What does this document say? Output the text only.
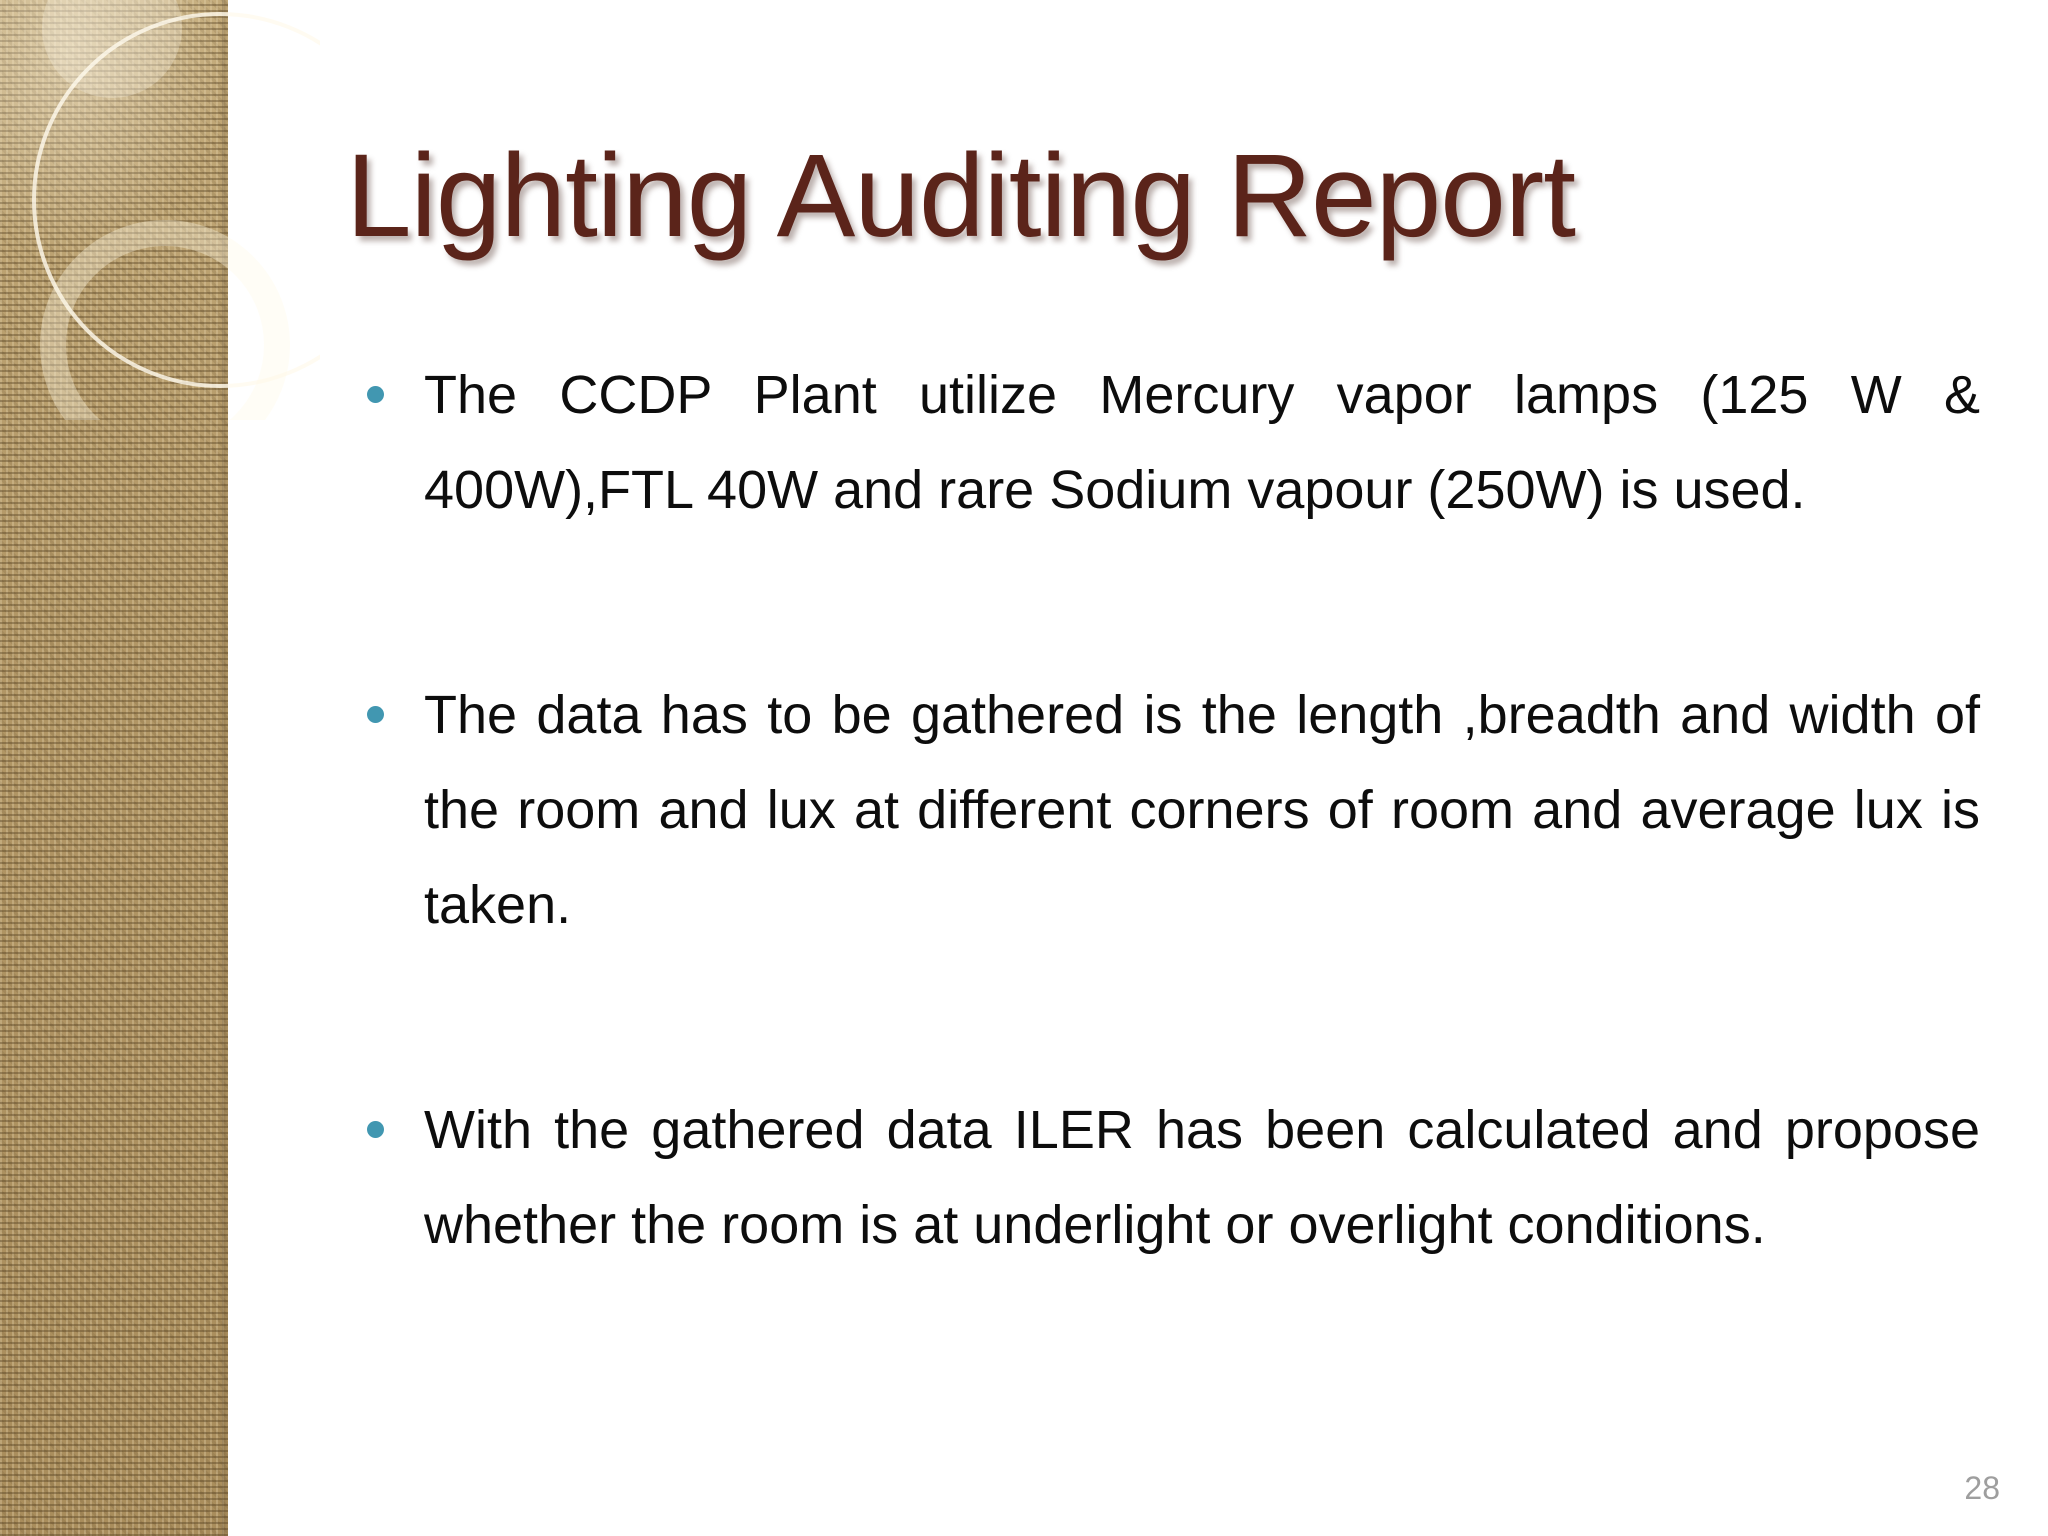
Lighting Auditing Report
The CCDP Plant utilize Mercury vapor lamps (125 W & 400W),FTL 40W and rare Sodium vapour (250W) is used.
The data has to be gathered is the length ,breadth and width of the room and lux at different corners of room and average lux is taken.
With the gathered data ILER has been calculated and propose whether the room is at underlight or overlight conditions.
28
